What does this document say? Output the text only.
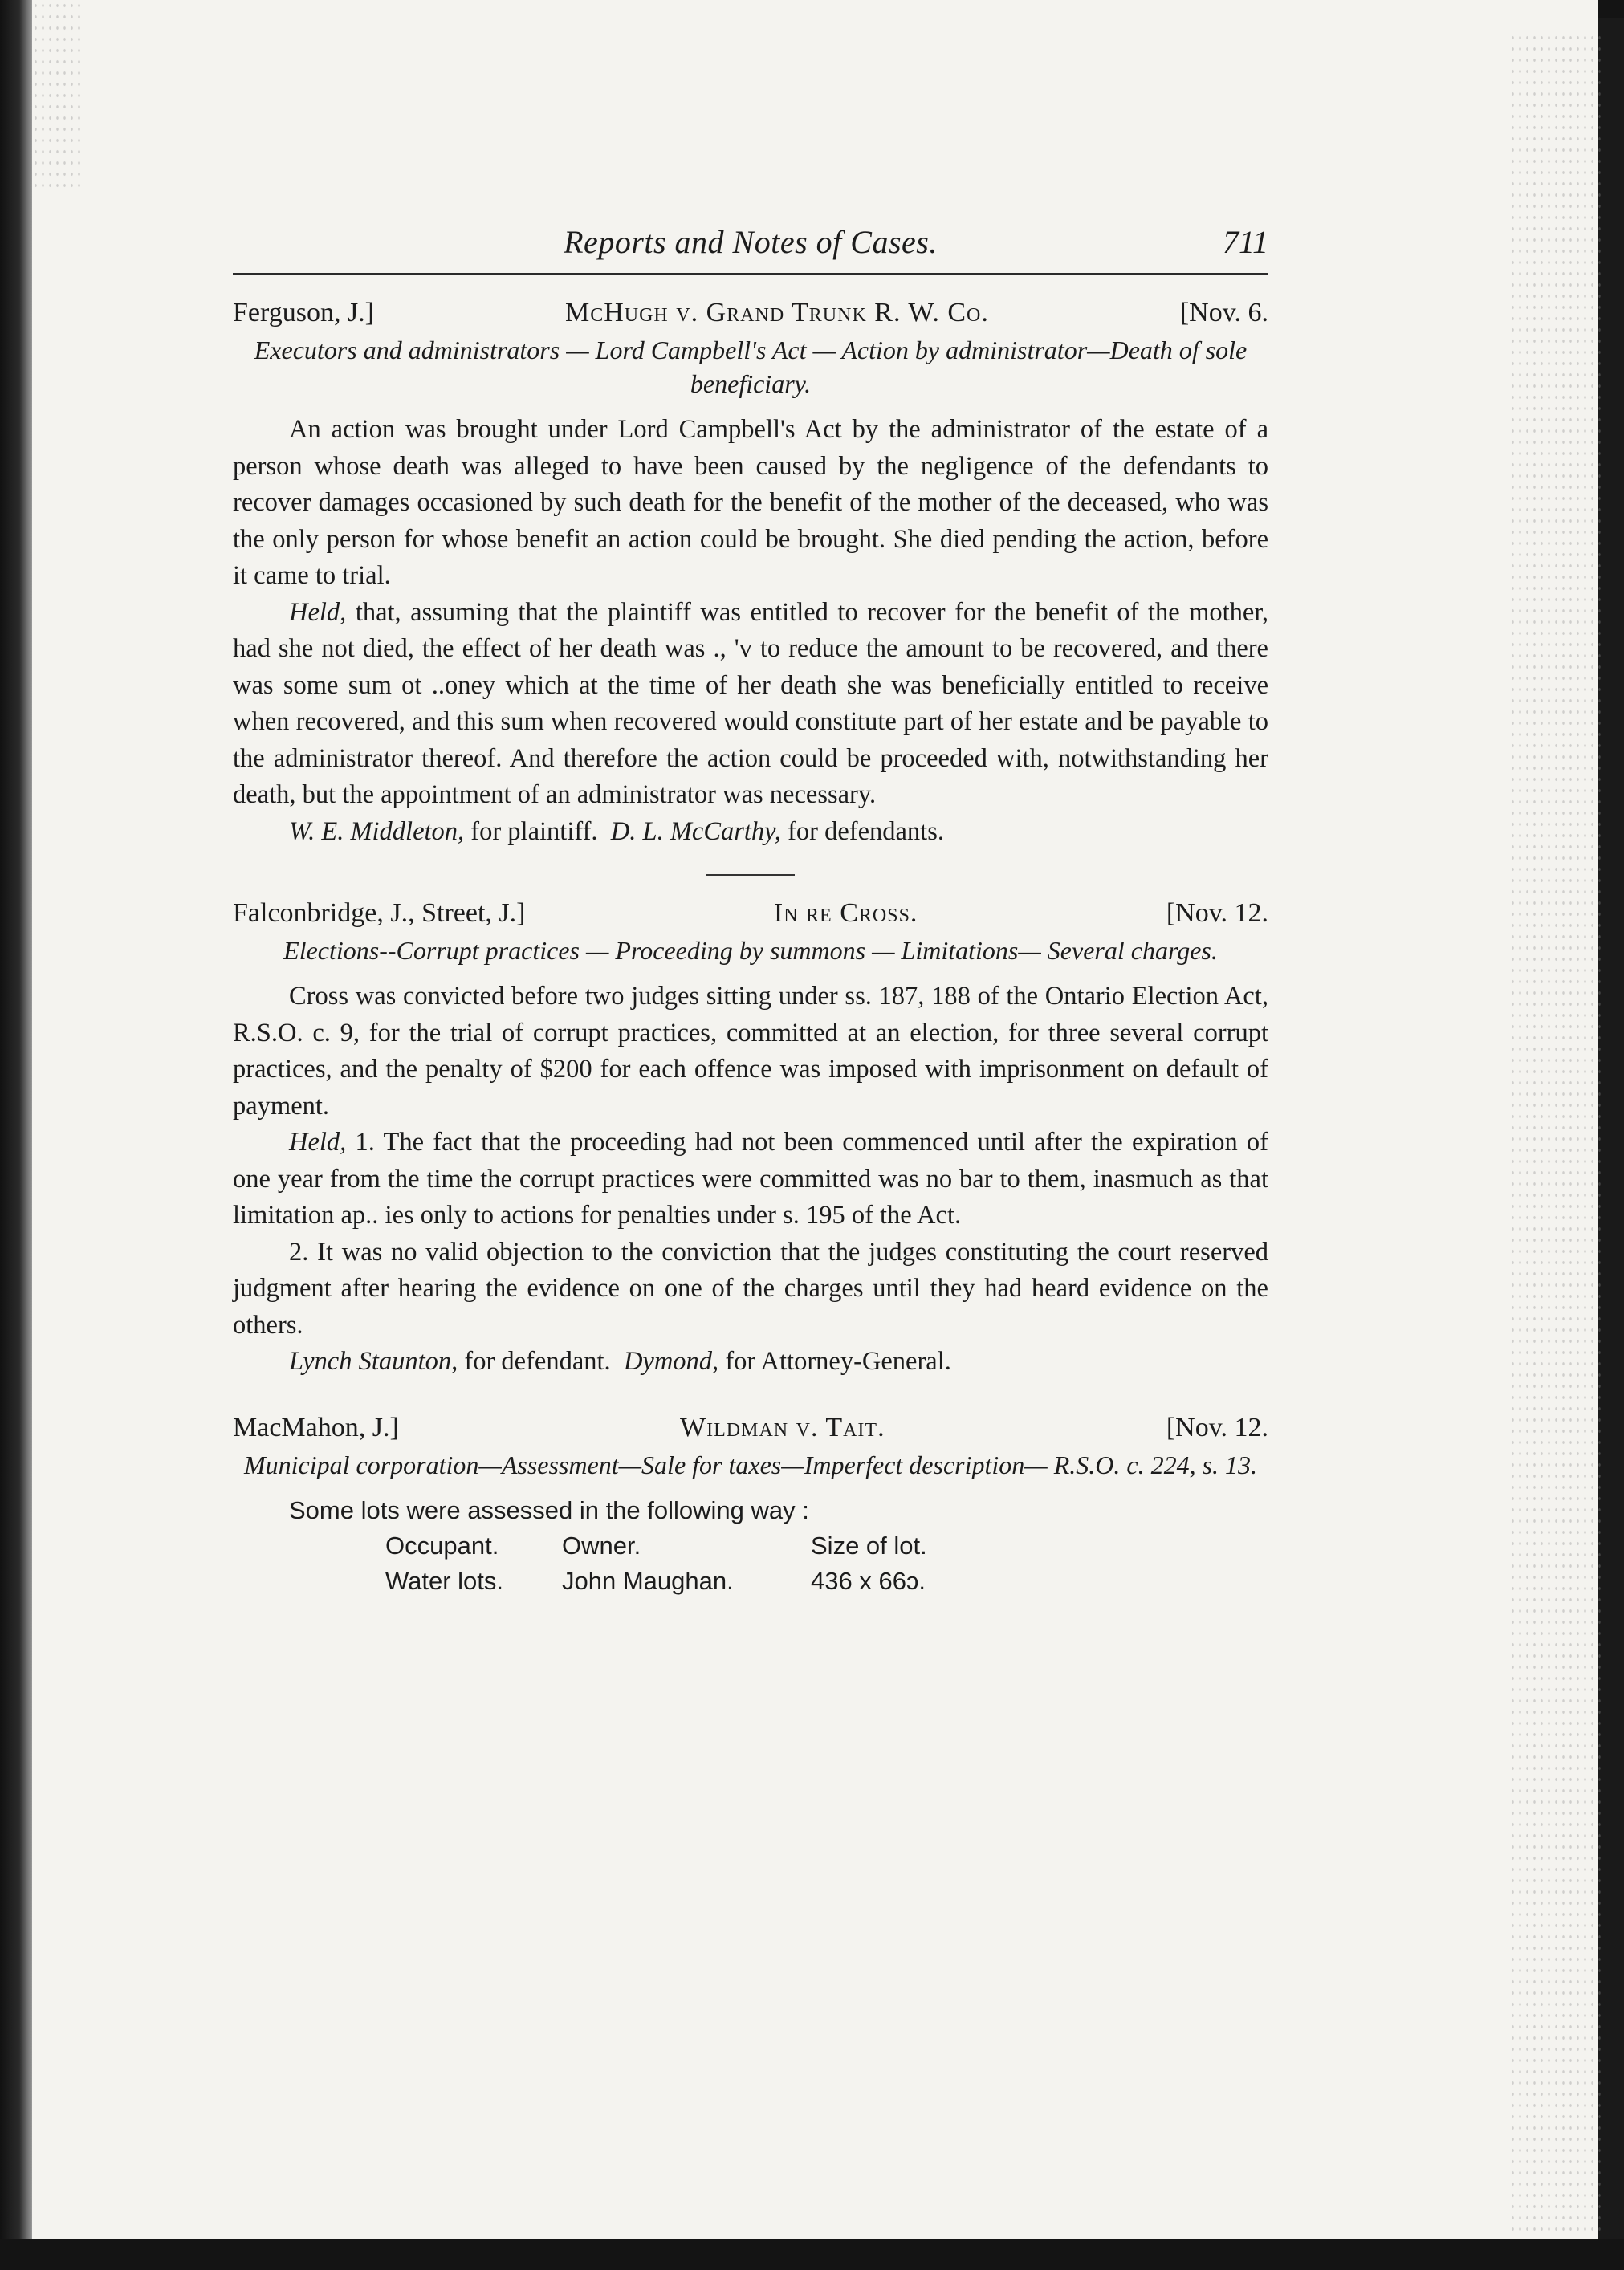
Reports and Notes of Cases.	711
Ferguson, J.]	McHugh v. Grand Trunk R. W. Co.	[Nov. 6.
Executors and administrators — Lord Campbell's Act — Action by administrator—Death of sole beneficiary.

An action was brought under Lord Campbell's Act by the administrator of the estate of a person whose death was alleged to have been caused by the negligence of the defendants to recover damages occasioned by such death for the benefit of the mother of the deceased, who was the only person for whose benefit an action could be brought. She died pending the action, before it came to trial.

Held, that, assuming that the plaintiff was entitled to recover for the benefit of the mother, had she not died, the effect of her death was ., 'v to reduce the amount to be recovered, and there was some sum ot ..oney which at the time of her death she was beneficially entitled to receive when recovered, and this sum when recovered would constitute part of her estate and be payable to the administrator thereof. And therefore the action could be proceeded with, notwithstanding her death, but the appointment of an administrator was necessary.

W. E. Middleton, for plaintiff. D. L. McCarthy, for defendants.

Falconbridge, J., Street, J.]	In re Cross.	[Nov. 12.
Elections--Corrupt practices — Proceeding by summons — Limitations— Several charges.

Cross was convicted before two judges sitting under ss. 187, 188 of the Ontario Election Act, R.S.O. c. 9, for the trial of corrupt practices, committed at an election, for three several corrupt practices, and the penalty of $200 for each offence was imposed with imprisonment on default of payment.

Held, 1. The fact that the proceeding had not been commenced until after the expiration of one year from the time the corrupt practices were committed was no bar to them, inasmuch as that limitation ap.. ies only to actions for penalties under s. 195 of the Act.

2. It was no valid objection to the conviction that the judges constituting the court reserved judgment after hearing the evidence on one of the charges until they had heard evidence on the others.

Lynch Staunton, for defendant. Dymond, for Attorney-General.

MacMahon, J.]	Wildman v. Tait.	[Nov. 12.
Municipal corporation—Assessment—Sale for taxes—Imperfect description— R.S.O. c. 224, s. 13.
Some lots were assessed in the following way :
Occupant.	Owner.	Size of lot.
Water lots.	John Maughan.	436 x 66ɔ.
